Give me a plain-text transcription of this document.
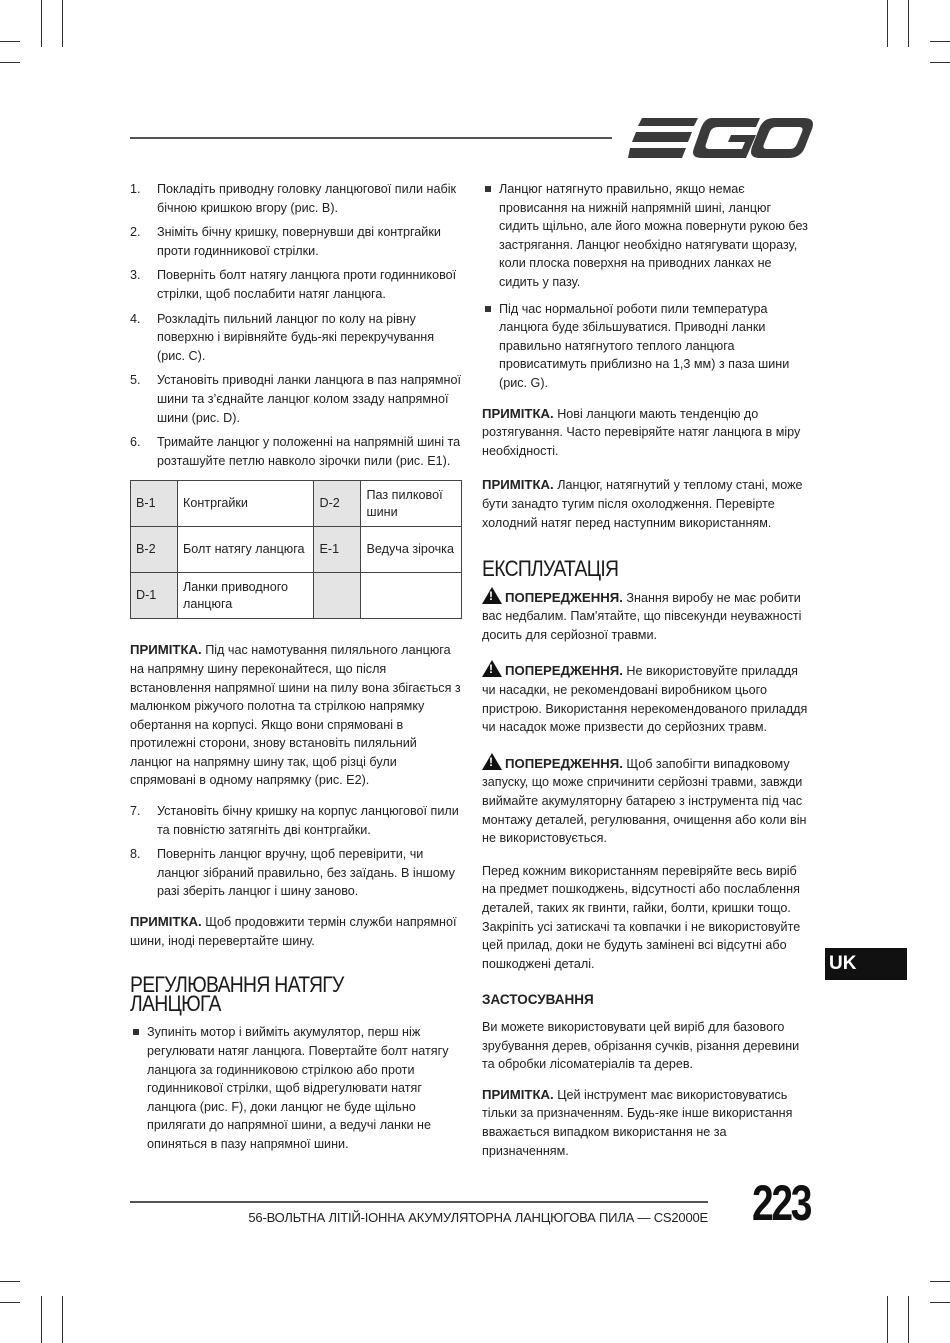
1. Покладіть приводну головку ланцюгової пили набік бічною кришкою вгору (рис. B).
2. Зніміть бічну кришку, повернувши дві контргайки проти годинникової стрілки.
3. Поверніть болт натягу ланцюга проти годинникової стрілки, щоб послабити натяг ланцюга.
4. Розкладіть пильний ланцюг по колу на рівну поверхню і вирівняйте будь-які перекручування (рис. C).
5. Установіть приводні ланки ланцюга в паз напрямної шини та з’єднайте ланцюг колом ззаду напрямної шини (рис. D).
6. Тримайте ланцюг у положенні на напрямній шині та розташуйте петлю навколо зірочки пили (рис. E1).
B-1	Контргайки	D-2	Паз пилкової шини
B-2	Болт натягу ланцюга	E-1	Ведуча зірочка
D-1	Ланки приводного ланцюга		

ПРИМІТКА. Під час намотування пиляльного ланцюга на напрямну шину переконайтеся, що після встановлення напрямної шини на пилу вона збігається з малюнком ріжучого полотна та стрілкою напрямку обертання на корпусі. Якщо вони спрямовані в протилежні сторони, знову встановіть пиляльний ланцюг на напрямну шину так, щоб різці були спрямовані в одному напрямку (рис. E2).

7. Установіть бічну кришку на корпус ланцюгової пили та повністю затягніть дві контргайки.
8. Поверніть ланцюг вручну, щоб перевірити, чи ланцюг зібраний правильно, без заїдань. В іншому разі зберіть ланцюг і шину заново.

ПРИМІТКА. Щоб продовжити термін служби напрямної шини, іноді перевертайте шину.

РЕГУЛЮВАННЯ НАТЯГУ ЛАНЦЮГА
Зупиніть мотор і вийміть акумулятор, перш ніж регулювати натяг ланцюга. Повертайте болт натягу ланцюга за годинниковою стрілкою або проти годинникової стрілки, щоб відрегулювати натяг ланцюга (рис. F), доки ланцюг не буде щільно прилягати до напрямної шини, а ведучі ланки не опиняться в пазу напрямної шини.
Ланцюг натягнуто правильно, якщо немає провисання на нижній напрямній шині, ланцюг сидить щільно, але його можна повернути рукою без застрягання. Ланцюг необхідно натягувати щоразу, коли плоска поверхня на приводних ланках не сидить у пазу.
Під час нормальної роботи пили температура ланцюга буде збільшуватися. Приводні ланки правильно натягнутого теплого ланцюга провисатимуть приблизно на 1,3 мм) з паза шини (рис. G).

ПРИМІТКА. Нові ланцюги мають тенденцію до розтягування. Часто перевіряйте натяг ланцюга в міру необхідності.

ПРИМІТКА. Ланцюг, натягнутий у теплому стані, може бути занадто тугим після охолодження. Перевірте холодний натяг перед наступним використанням.

ЕКСПЛУАТАЦІЯ

!ПОПЕРЕДЖЕННЯ. Знання виробу не має робити вас недбалим. Пам'ятайте, що півсекунди неуважності досить для серйозної травми.

!ПОПЕРЕДЖЕННЯ. Не використовуйте приладдя чи насадки, не рекомендовані виробником цього пристрою. Використання нерекомендованого приладдя чи насадок може призвести до серйозних травм.

!ПОПЕРЕДЖЕННЯ. Щоб запобігти випадковому запуску, що може спричинити серйозні травми, завжди виймайте акумуляторну батарею з інструмента під час монтажу деталей, регулювання, очищення або коли він не використовується.

Перед кожним використанням перевіряйте весь виріб на предмет пошкоджень, відсутності або послаблення деталей, таких як гвинти, гайки, болти, кришки тощо. Закріпіть усі затискачі та ковпачки і не використовуйте цей прилад, доки не будуть замінені всі відсутні або пошкоджені деталі.

ЗАСТОСУВАННЯ

Ви можете використовувати цей виріб для базового зрубування дерев, обрізання сучків, різання деревини та обробки лісоматеріалів та дерев.

ПРИМІТКА. Цей інструмент має використовуватись тільки за призначенням. Будь-яке інше використання вважається випадком використання не за призначенням.

UK
56-ВОЛЬТНА ЛІТІЙ-ІОННА АКУМУЛЯТОРНА ЛАНЦЮГОВА ПИЛА — CS2000E 223
